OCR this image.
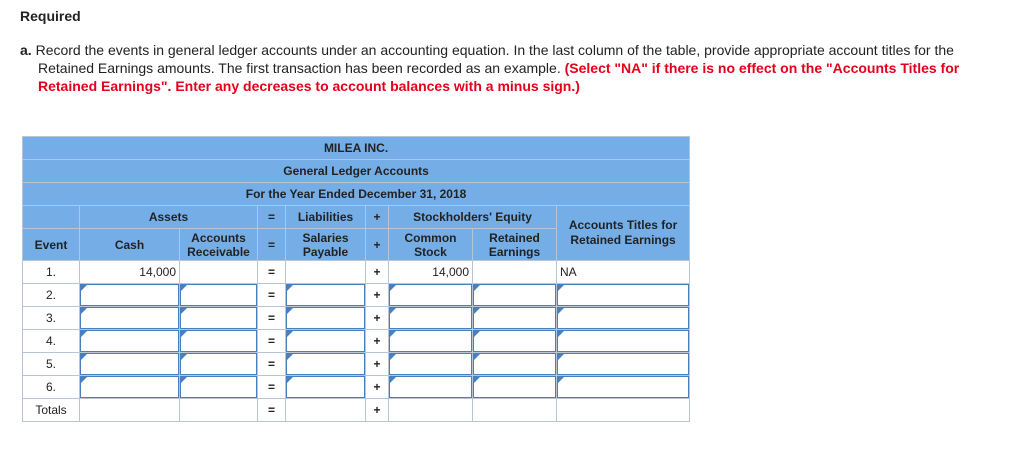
Required
a. Record the events in general ledger accounts under an accounting equation. In the last column of the table, provide appropriate account titles for the Retained Earnings amounts. The first transaction has been recorded as an example. (Select "NA" if there is no effect on the "Accounts Titles for Retained Earnings". Enter any decreases to account balances with a minus sign.)
MILEA INC.								
General Ledger Accounts								
For the Year Ended December 31, 2018								
	Assets		=	Liabilities	+	Stockholders' Equity		Accounts Titles for Retained Earnings
Event	Cash	Accounts Receivable	=	Salaries Payable	+	Common Stock	Retained Earnings	
1.	14,000		=		+	14,000		NA
2.			=		+	

3.			=		+	

4.			=		+	

5.			=		+	

6.			=		+	

Totals			=		+			
